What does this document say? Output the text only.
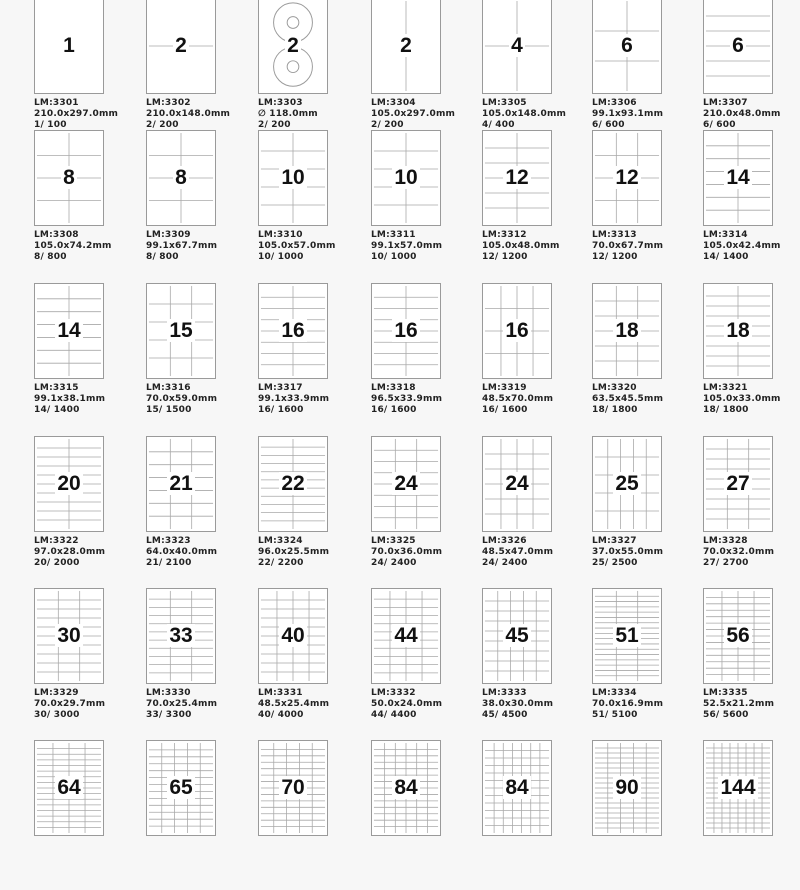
1
LM:3301
210.0x297.0mm
1/ 100
2
LM:3302
210.0x148.0mm
2/ 200
2
LM:3303
∅ 118.0mm
2/ 200
2
LM:3304
105.0x297.0mm
2/ 200
4
LM:3305
105.0x148.0mm
4/ 400
6
LM:3306
99.1x93.1mm
6/ 600
6
LM:3307
210.0x48.0mm
6/ 600
8
LM:3308
105.0x74.2mm
8/ 800
8
LM:3309
99.1x67.7mm
8/ 800
10
LM:3310
105.0x57.0mm
10/ 1000
10
LM:3311
99.1x57.0mm
10/ 1000
12
LM:3312
105.0x48.0mm
12/ 1200
12
LM:3313
70.0x67.7mm
12/ 1200
14
LM:3314
105.0x42.4mm
14/ 1400
14
LM:3315
99.1x38.1mm
14/ 1400
15
LM:3316
70.0x59.0mm
15/ 1500
16
LM:3317
99.1x33.9mm
16/ 1600
16
LM:3318
96.5x33.9mm
16/ 1600
16
LM:3319
48.5x70.0mm
16/ 1600
18
LM:3320
63.5x45.5mm
18/ 1800
18
LM:3321
105.0x33.0mm
18/ 1800
20
LM:3322
97.0x28.0mm
20/ 2000
21
LM:3323
64.0x40.0mm
21/ 2100
22
LM:3324
96.0x25.5mm
22/ 2200
24
LM:3325
70.0x36.0mm
24/ 2400
24
LM:3326
48.5x47.0mm
24/ 2400
25
LM:3327
37.0x55.0mm
25/ 2500
27
LM:3328
70.0x32.0mm
27/ 2700
30
LM:3329
70.0x29.7mm
30/ 3000
33
LM:3330
70.0x25.4mm
33/ 3300
40
LM:3331
48.5x25.4mm
40/ 4000
44
LM:3332
50.0x24.0mm
44/ 4400
45
LM:3333
38.0x30.0mm
45/ 4500
51
LM:3334
70.0x16.9mm
51/ 5100
56
LM:3335
52.5x21.2mm
56/ 5600
64	65	70	84	84	90	144
